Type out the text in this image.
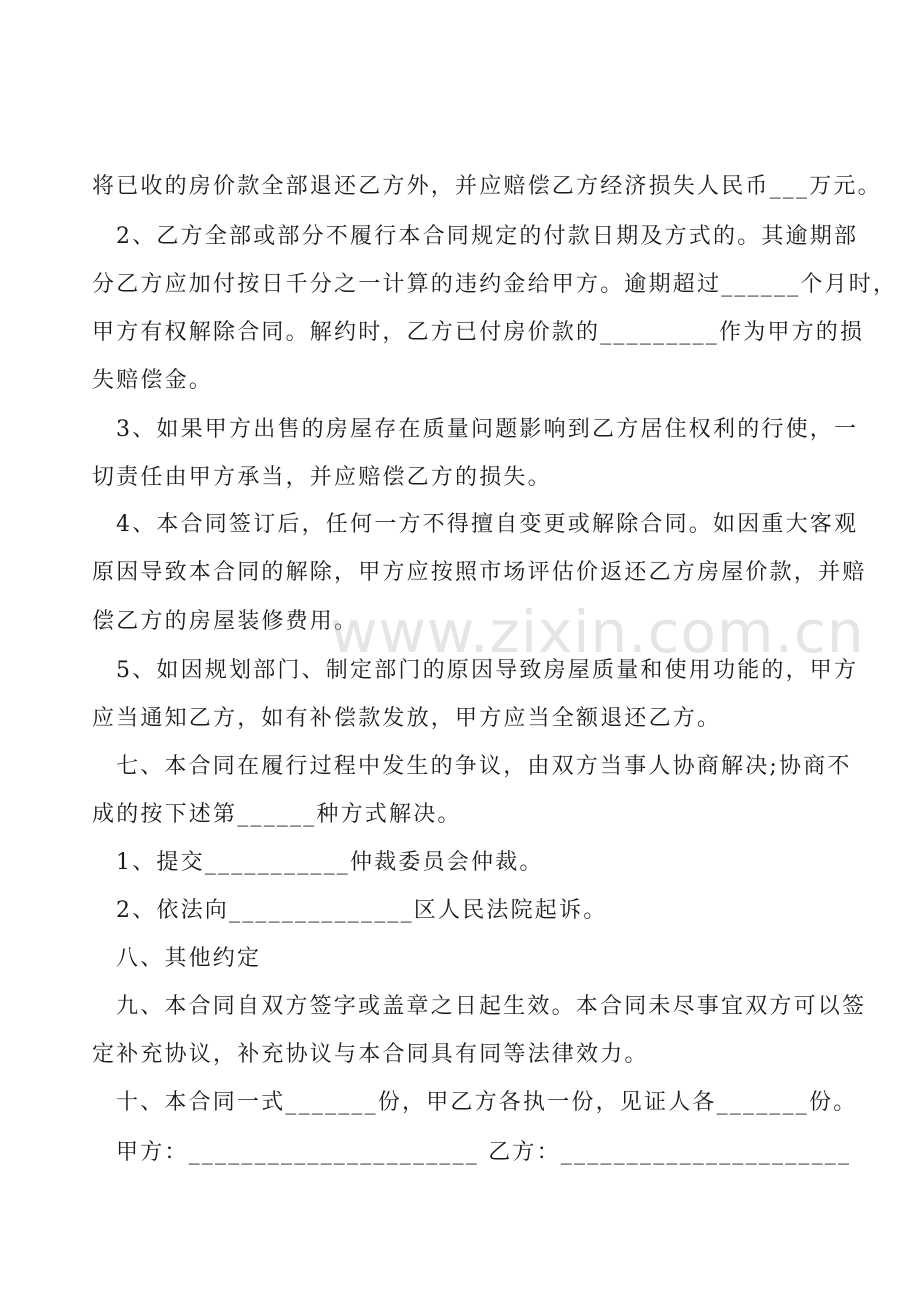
将已收的房价款全部退还乙方外，并应赔偿乙方经济损失人民币___万元。
2、乙方全部或部分不履行本合同规定的付款日期及方式的。其逾期部
分乙方应加付按日千分之一计算的违约金给甲方。逾期超过______个月时，
甲方有权解除合同。解约时，乙方已付房价款的_________作为甲方的损
失赔偿金。
3、如果甲方出售的房屋存在质量问题影响到乙方居住权利的行使，一
切责任由甲方承当，并应赔偿乙方的损失。
4、本合同签订后，任何一方不得擅自变更或解除合同。如因重大客观
原因导致本合同的解除，甲方应按照市场评估价返还乙方房屋价款，并赔
偿乙方的房屋装修费用。
5、如因规划部门、制定部门的原因导致房屋质量和使用功能的，甲方
应当通知乙方，如有补偿款发放，甲方应当全额退还乙方。
七、本合同在履行过程中发生的争议，由双方当事人协商解决;协商不
成的按下述第______种方式解决。
1、提交___________仲裁委员会仲裁。
2、依法向______________区人民法院起诉。
八、其他约定
九、本合同自双方签字或盖章之日起生效。本合同未尽事宜双方可以签
定补充协议，补充协议与本合同具有同等法律效力。
十、本合同一式_______份，甲乙方各执一份，见证人各_______份。
甲方：______________________ 乙方：______________________
www.zixin.com.cn
